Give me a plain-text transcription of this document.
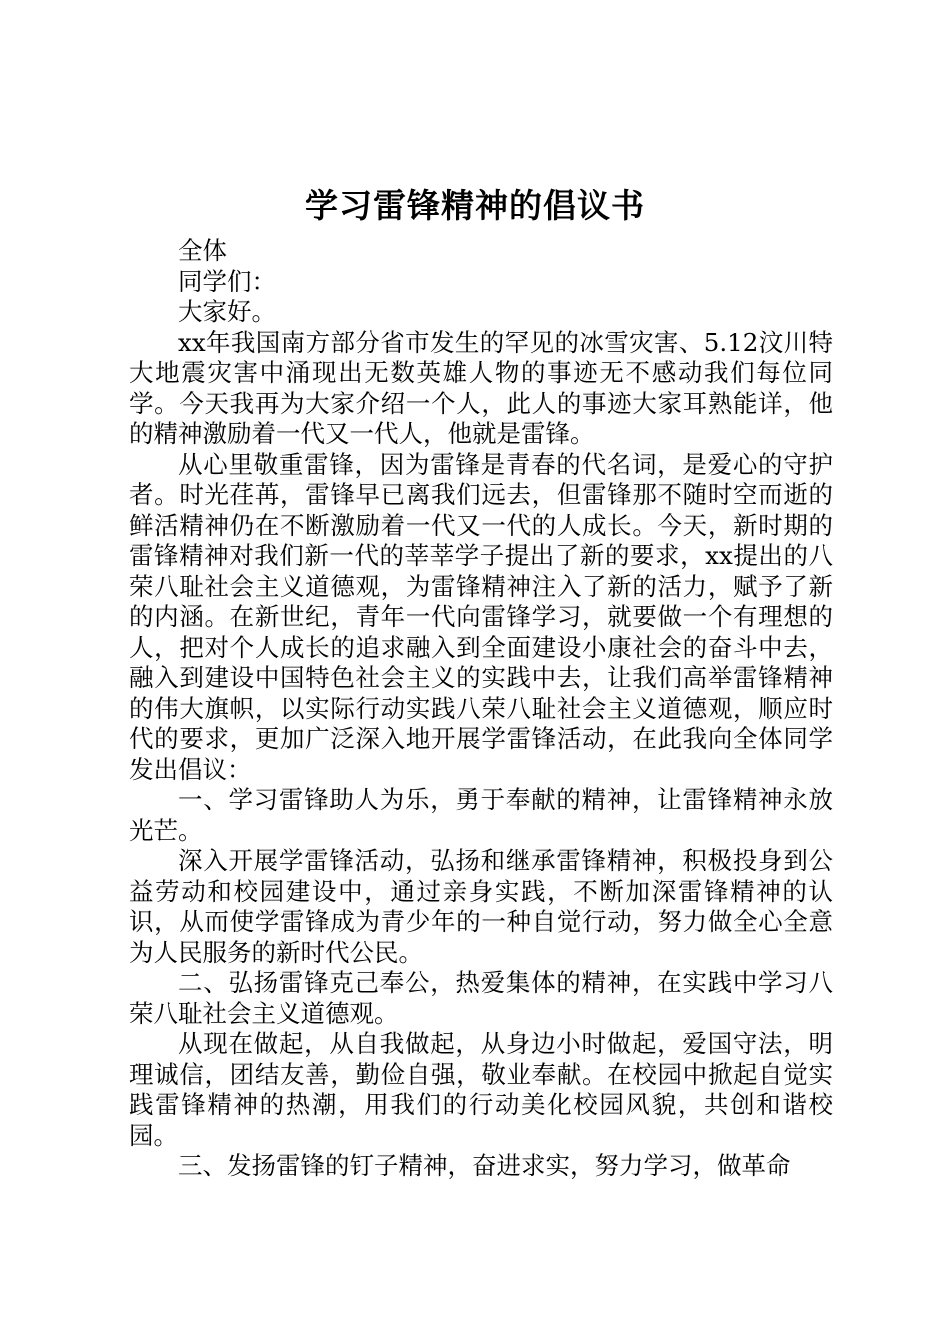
学习雷锋精神的倡议书

全体

同学们：

大家好。

xx年我国南方部分省市发生的罕见的冰雪灾害、5.12汶川特大地震灾害中涌现出无数英雄人物的事迹无不感动我们每位同学。今天我再为大家介绍一个人，此人的事迹大家耳熟能详，他的精神激励着一代又一代人，他就是雷锋。

从心里敬重雷锋，因为雷锋是青春的代名词，是爱心的守护者。时光荏苒，雷锋早已离我们远去，但雷锋那不随时空而逝的鲜活精神仍在不断激励着一代又一代的人成长。今天，新时期的雷锋精神对我们新一代的莘莘学子提出了新的要求，xx提出的八荣八耻社会主义道德观，为雷锋精神注入了新的活力，赋予了新的内涵。在新世纪，青年一代向雷锋学习，就要做一个有理想的人，把对个人成长的追求融入到全面建设小康社会的奋斗中去，融入到建设中国特色社会主义的实践中去，让我们高举雷锋精神的伟大旗帜，以实际行动实践八荣八耻社会主义道德观，顺应时代的要求，更加广泛深入地开展学雷锋活动，在此我向全体同学发出倡议：

一、学习雷锋助人为乐，勇于奉献的精神，让雷锋精神永放光芒。

深入开展学雷锋活动，弘扬和继承雷锋精神，积极投身到公益劳动和校园建设中，通过亲身实践，不断加深雷锋精神的认识，从而使学雷锋成为青少年的一种自觉行动，努力做全心全意为人民服务的新时代公民。

二、弘扬雷锋克己奉公，热爱集体的精神，在实践中学习八荣八耻社会主义道德观。

从现在做起，从自我做起，从身边小时做起，爱国守法，明理诚信，团结友善，勤俭自强，敬业奉献。在校园中掀起自觉实践雷锋精神的热潮，用我们的行动美化校园风貌，共创和谐校园。

三、发扬雷锋的钉子精神，奋进求实，努力学习，做革命
